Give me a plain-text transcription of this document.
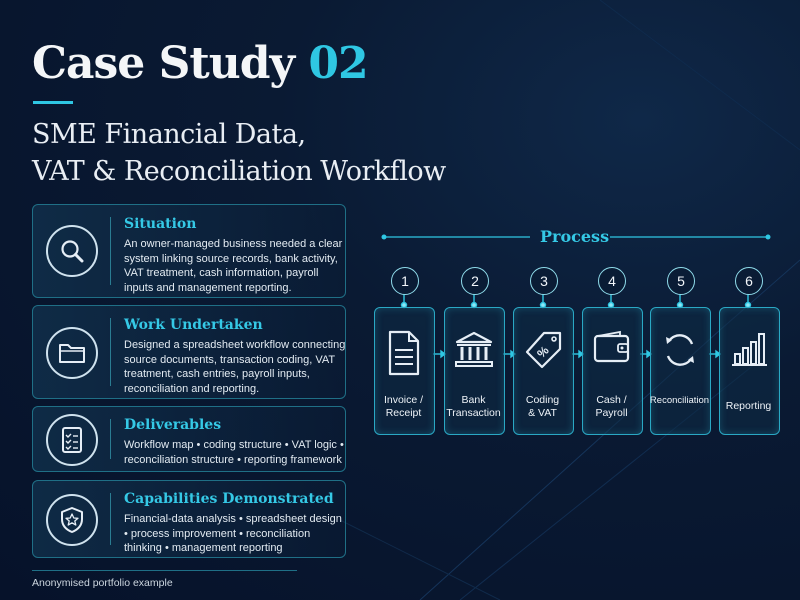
Case Study 02
SME Financial Data,
VAT & Reconciliation Workflow
Situation

An owner-managed business needed a clear system linking source records, bank activity, VAT treatment, cash information, payroll inputs and management reporting.

Work Undertaken

Designed a spreadsheet workflow connecting source documents, transaction coding, VAT treatment, cash entries, payroll inputs, reconciliation and reporting.

Deliverables

Workflow map • coding structure • VAT logic • reconciliation structure • reporting framework

Capabilities Demonstrated

Financial-data analysis • spreadsheet design • process improvement • reconciliation thinking • management reporting

Anonymised portfolio example
Process
1
Invoice /
Receipt
2
Bank
Transaction
3
%
Coding
& VAT
4
Cash /
Payroll
5
Reconciliation
6
Reporting
